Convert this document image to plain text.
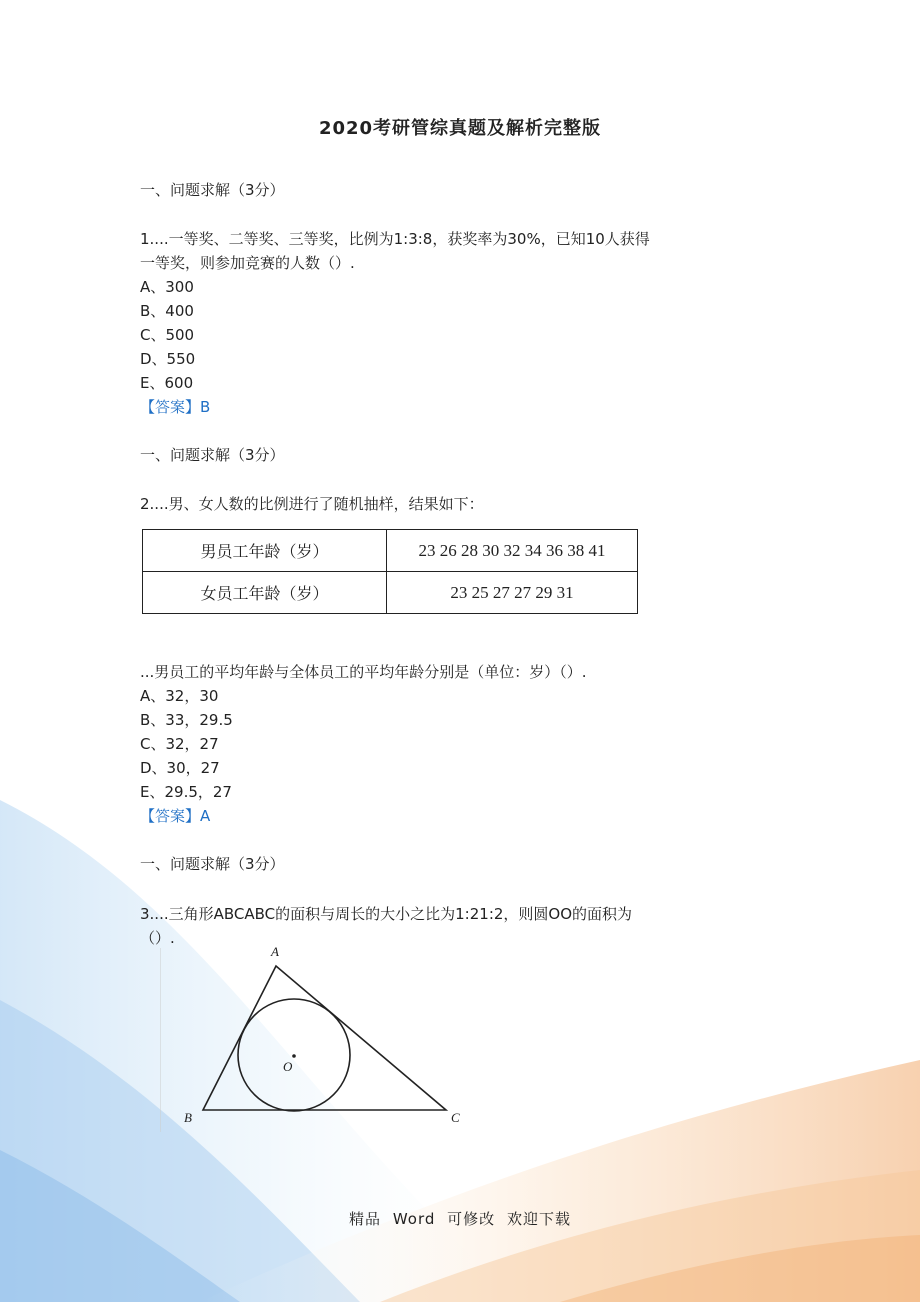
2020考研管综真题及解析完整版
一、问题求解（3分）
1....一等奖、二等奖、三等奖，比例为1:3:8，获奖率为30%，已知10人获得
一等奖，则参加竞赛的人数（）.
A、300
B、400
C、500
D、550
E、600
【答案】B
一、问题求解（3分）
2....男、女人数的比例进行了随机抽样，结果如下：
男员工年龄（岁）	23 26 28 30 32 34 36 38 41
女员工年龄（岁）	23 25 27 27 29 31
...男员工的平均年龄与全体员工的平均年龄分别是（单位：岁）（）.
A、32，30
B、33，29.5
C、32，27
D、30，27
E、29.5，27
【答案】A
一、问题求解（3分）
3....三角形ABCABC的面积与周长的大小之比为1:21:2，则圆OO的面积为
（）.
A
B	C
O
精品 Word 可修改 欢迎下载
